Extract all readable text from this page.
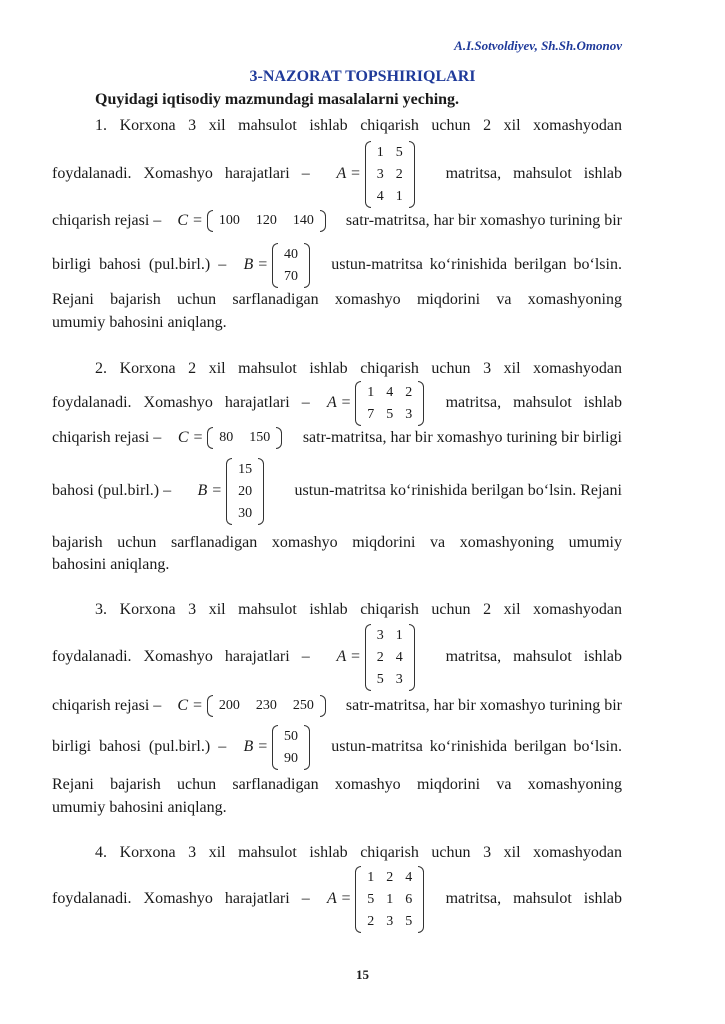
A.I.Sotvoldiyev, Sh.Sh.Omonov
3-NAZORAT TOPSHIRIQLARI
Quyidagi iqtisodiy mazmundagi masalalarni yeching.
1. Korxona 3 xil mahsulot ishlab chiqarish uchun 2 xil xomashyodan
foydalanadi. Xomashyo harajatlari – A =
1 5
3 2
4 1
matritsa, mahsulot ishlab
chiqarish rejasi – C = 100 120 140 satr-matritsa, har bir xomashyo turining bir
birligi bahosi (pul.birl.) – B =
40
70
ustun-matritsa ko‘rinishida berilgan bo‘lsin.
Rejani bajarish uchun sarflanadigan xomashyo miqdorini va xomashyoning
umumiy bahosini aniqlang.
2. Korxona 2 xil mahsulot ishlab chiqarish uchun 3 xil xomashyodan
foydalanadi. Xomashyo harajatlari – A =
1 4 2
7 5 3
matritsa, mahsulot ishlab
chiqarish rejasi – C = 80 150 satr-matritsa, har bir xomashyo turining bir birligi
bahosi (pul.birl.) – B =
15
20
30
ustun-matritsa ko‘rinishida berilgan bo‘lsin. Rejani
bajarish uchun sarflanadigan xomashyo miqdorini va xomashyoning umumiy
bahosini aniqlang.
3. Korxona 3 xil mahsulot ishlab chiqarish uchun 2 xil xomashyodan
foydalanadi. Xomashyo harajatlari – A =
3 1
2 4
5 3
matritsa, mahsulot ishlab
chiqarish rejasi – C = 200 230 250 satr-matritsa, har bir xomashyo turining bir
birligi bahosi (pul.birl.) – B =
50
90
ustun-matritsa ko‘rinishida berilgan bo‘lsin.
Rejani bajarish uchun sarflanadigan xomashyo miqdorini va xomashyoning
umumiy bahosini aniqlang.
4. Korxona 3 xil mahsulot ishlab chiqarish uchun 3 xil xomashyodan
foydalanadi. Xomashyo harajatlari – A =
1 2 4
5 1 6
2 3 5
matritsa, mahsulot ishlab
15
